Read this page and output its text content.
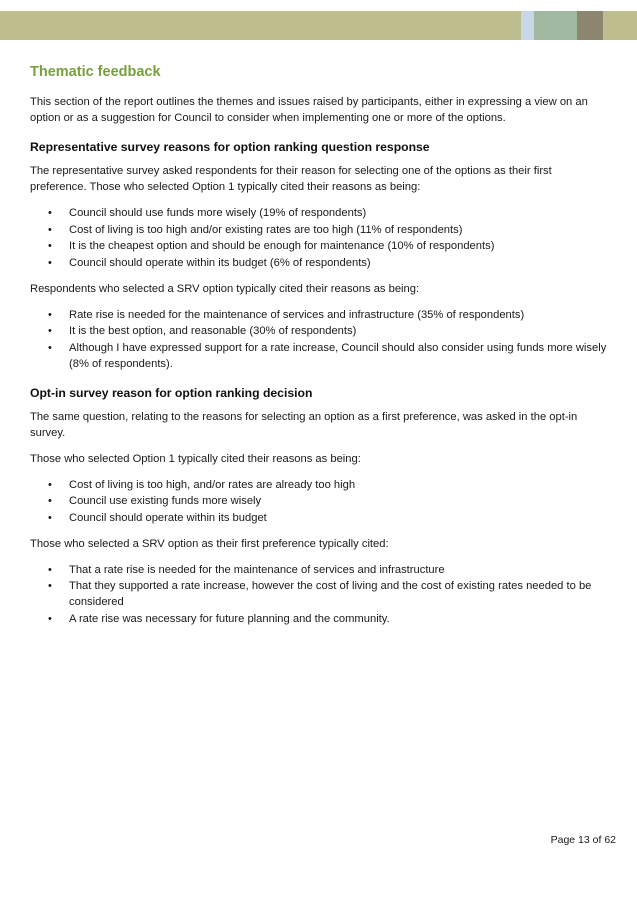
Thematic feedback

This section of the report outlines the themes and issues raised by participants, either in expressing a view on an option or as a suggestion for Council to consider when implementing one or more of the options.

Representative survey reasons for option ranking question response

The representative survey asked respondents for their reason for selecting one of the options as their first preference. Those who selected Option 1 typically cited their reasons as being:

• Council should use funds more wisely (19% of respondents)
• Cost of living is too high and/or existing rates are too high (11% of respondents)
• It is the cheapest option and should be enough for maintenance (10% of respondents)
• Council should operate within its budget (6% of respondents)

Respondents who selected a SRV option typically cited their reasons as being:

• Rate rise is needed for the maintenance of services and infrastructure (35% of respondents)
• It is the best option, and reasonable (30% of respondents)
• Although I have expressed support for a rate increase, Council should also consider using funds more wisely (8% of respondents).
Opt-in survey reason for option ranking decision

The same question, relating to the reasons for selecting an option as a first preference, was asked in the opt-in survey.

Those who selected Option 1 typically cited their reasons as being:

• Cost of living is too high, and/or rates are already too high
• Council use existing funds more wisely
• Council should operate within its budget

Those who selected a SRV option as their first preference typically cited:

• That a rate rise is needed for the maintenance of services and infrastructure
• That they supported a rate increase, however the cost of living and the cost of existing rates needed to be considered
• A rate rise was necessary for future planning and the community.
Page 13 of 62
